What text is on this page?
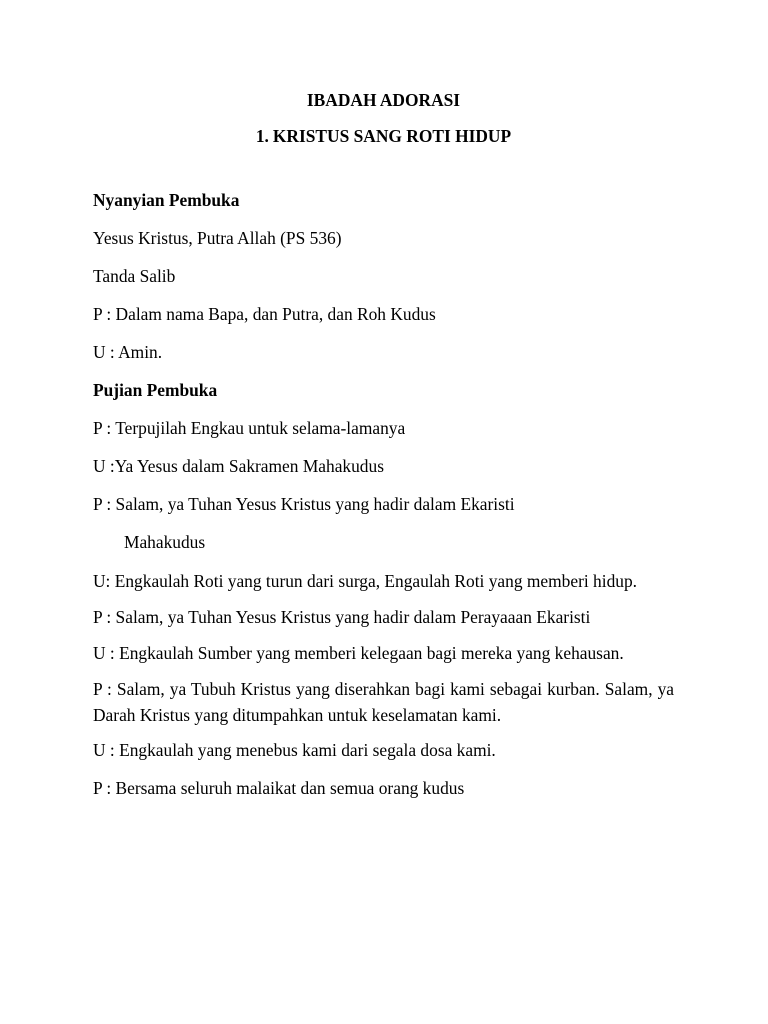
IBADAH ADORASI

1. KRISTUS SANG ROTI HIDUP

Nyanyian Pembuka

Yesus Kristus, Putra Allah (PS 536)

Tanda Salib

P : Dalam nama Bapa, dan Putra, dan Roh Kudus

U : Amin.

Pujian Pembuka

P : Terpujilah Engkau untuk selama-lamanya

U :Ya Yesus dalam Sakramen Mahakudus

P : Salam, ya Tuhan Yesus Kristus yang hadir dalam Ekaristi

Mahakudus

U: Engkaulah Roti yang turun dari surga, Engaulah Roti yang memberi hidup.

P : Salam, ya Tuhan Yesus Kristus yang hadir dalam Perayaaan Ekaristi

U : Engkaulah Sumber yang memberi kelegaan bagi mereka yang kehausan.

P : Salam, ya Tubuh Kristus yang diserahkan bagi kami sebagai kurban. Salam, ya Darah Kristus yang ditumpahkan untuk keselamatan kami.

U : Engkaulah yang menebus kami dari segala dosa kami.

P : Bersama seluruh malaikat dan semua orang kudus
